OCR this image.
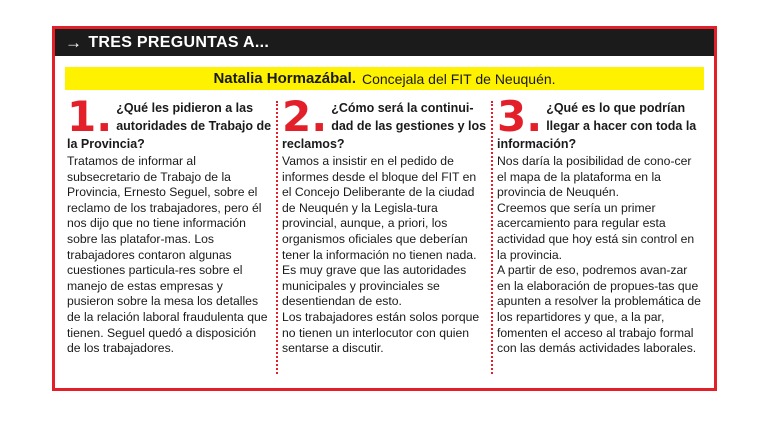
→ TRES PREGUNTAS A...
Natalia Hormazábal. Concejala del FIT de Neuquén.
1. ¿Qué les pidieron a las autoridades de Trabajo de la Provincia?
Tratamos de informar al subsecretario de Trabajo de la Provincia, Ernesto Seguel, sobre el reclamo de los trabajadores, pero él nos dijo que no tiene información sobre las platafor-mas. Los trabajadores contaron algunas cuestiones particula-res sobre el manejo de estas empresas y pusieron sobre la mesa los detalles de la relación laboral fraudulenta que tienen. Seguel quedó a disposición de los trabajadores.
2. ¿Cómo será la continui-dad de las gestiones y los reclamos?
Vamos a insistir en el pedido de informes desde el bloque del FIT en el Concejo Deliberante de la ciudad de Neuquén y la Legisla-tura provincial, aunque, a priori, los organismos oficiales que deberían tener la información no tienen nada.
Es muy grave que las autoridades municipales y provinciales se desentiendan de esto.
Los trabajadores están solos porque no tienen un interlocutor con quien sentarse a discutir.
3. ¿Qué es lo que podrían llegar a hacer con toda la información?
Nos daría la posibilidad de cono-cer el mapa de la plataforma en la provincia de Neuquén.
Creemos que sería un primer acercamiento para regular esta actividad que hoy está sin control en la provincia.
A partir de eso, podremos avan-zar en la elaboración de propues-tas que apunten a resolver la problemática de los repartidores y que, a la par, fomenten el acceso al trabajo formal con las demás actividades laborales.
